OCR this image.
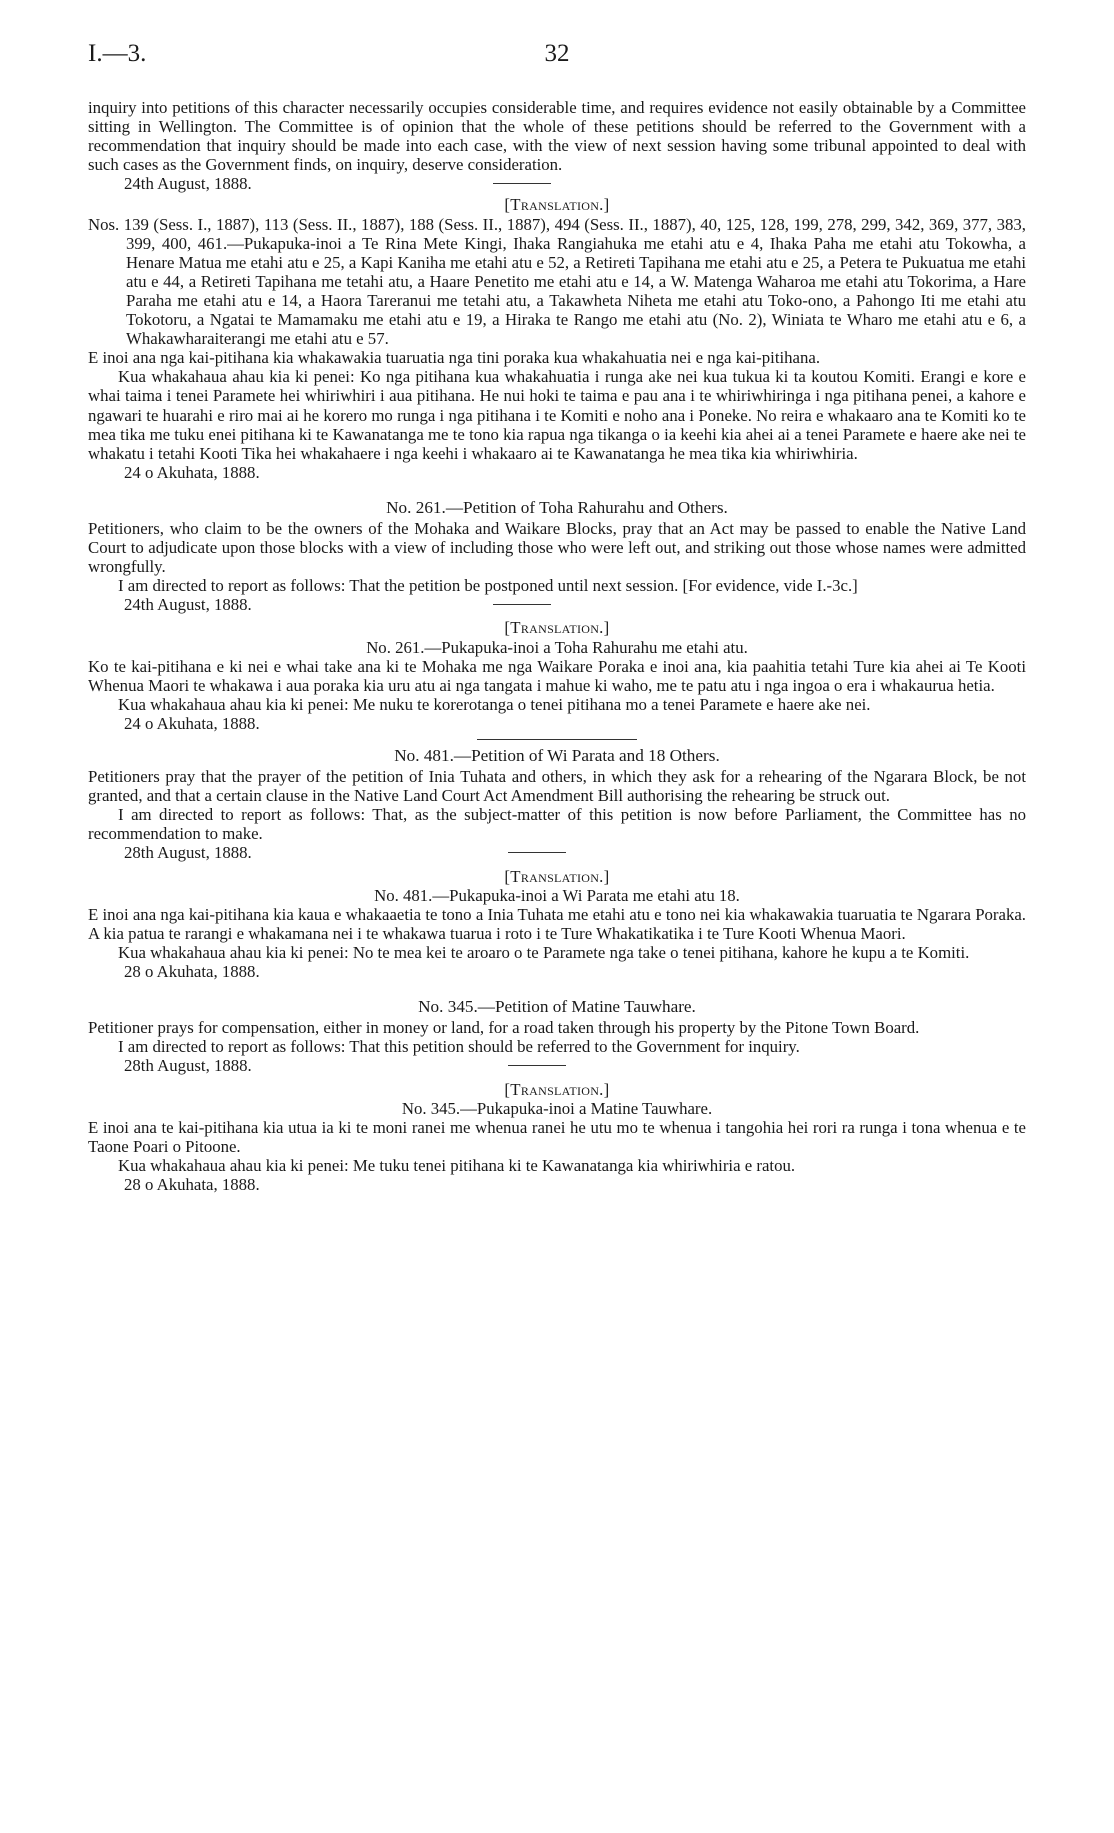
I.—3.	32

inquiry into petitions of this character necessarily occupies considerable time, and requires evidence not easily obtainable by a Committee sitting in Wellington. The Committee is of opinion that the whole of these petitions should be referred to the Government with a recommendation that inquiry should be made into each case, with the view of next session having some tribunal appointed to deal with such cases as the Government finds, on inquiry, deserve consideration.

24th August, 1888.
[Translation.]

Nos. 139 (Sess. I., 1887), 113 (Sess. II., 1887), 188 (Sess. II., 1887), 494 (Sess. II., 1887), 40, 125, 128, 199, 278, 299, 342, 369, 377, 383, 399, 400, 461.—Pukapuka-inoi a Te Rina Mete Kingi, Ihaka Rangiahuka me etahi atu e 4, Ihaka Paha me etahi atu Tokowha, a Henare Matua me etahi atu e 25, a Kapi Kaniha me etahi atu e 52, a Retireti Tapihana me etahi atu e 25, a Petera te Pukuatua me etahi atu e 44, a Retireti Tapihana me tetahi atu, a Haare Penetito me etahi atu e 14, a W. Matenga Waharoa me etahi atu Tokorima, a Hare Paraha me etahi atu e 14, a Haora Tareranui me tetahi atu, a Takawheta Niheta me etahi atu Toko-ono, a Pahongo Iti me etahi atu Tokotoru, a Ngatai te Mamamaku me etahi atu e 19, a Hiraka te Rango me etahi atu (No. 2), Winiata te Wharo me etahi atu e 6, a Whakawharaiterangi me etahi atu e 57.

E inoi ana nga kai-pitihana kia whakawakia tuaruatia nga tini poraka kua whakahuatia nei e nga kai-pitihana.

Kua whakahaua ahau kia ki penei: Ko nga pitihana kua whakahuatia i runga ake nei kua tukua ki ta koutou Komiti. Erangi e kore e whai taima i tenei Paramete hei whiriwhiri i aua pitihana. He nui hoki te taima e pau ana i te whiriwhiringa i nga pitihana penei, a kahore e ngawari te huarahi e riro mai ai he korero mo runga i nga pitihana i te Komiti e noho ana i Poneke. No reira e whakaaro ana te Komiti ko te mea tika me tuku enei pitihana ki te Kawanatanga me te tono kia rapua nga tikanga o ia keehi kia ahei ai a tenei Paramete e haere ake nei te whakatu i tetahi Kooti Tika hei whakahaere i nga keehi i whakaaro ai te Kawanatanga he mea tika kia whiriwhiria.

24 o Akuhata, 1888.
No. 261.—Petition of Toha Rahurahu and Others.

Petitioners, who claim to be the owners of the Mohaka and Waikare Blocks, pray that an Act may be passed to enable the Native Land Court to adjudicate upon those blocks with a view of including those who were left out, and striking out those whose names were admitted wrongfully.

I am directed to report as follows: That the petition be postponed until next session. [For evidence, vide I.-3c.]

24th August, 1888.
[Translation.]
No. 261.—Pukapuka-inoi a Toha Rahurahu me etahi atu.

Ko te kai-pitihana e ki nei e whai take ana ki te Mohaka me nga Waikare Poraka e inoi ana, kia paahitia tetahi Ture kia ahei ai Te Kooti Whenua Maori te whakawa i aua poraka kia uru atu ai nga tangata i mahue ki waho, me te patu atu i nga ingoa o era i whakaurua hetia.

Kua whakahaua ahau kia ki penei: Me nuku te korerotanga o tenei pitihana mo a tenei Paramete e haere ake nei.

24 o Akuhata, 1888.
No. 481.—Petition of Wi Parata and 18 Others.

Petitioners pray that the prayer of the petition of Inia Tuhata and others, in which they ask for a rehearing of the Ngarara Block, be not granted, and that a certain clause in the Native Land Court Act Amendment Bill authorising the rehearing be struck out.

I am directed to report as follows: That, as the subject-matter of this petition is now before Parliament, the Committee has no recommendation to make.

28th August, 1888.
[Translation.]
No. 481.—Pukapuka-inoi a Wi Parata me etahi atu 18.

E inoi ana nga kai-pitihana kia kaua e whakaaetia te tono a Inia Tuhata me etahi atu e tono nei kia whakawakia tuaruatia te Ngarara Poraka. A kia patua te rarangi e whakamana nei i te whakawa tuarua i roto i te Ture Whakatikatika i te Ture Kooti Whenua Maori.

Kua whakahaua ahau kia ki penei: No te mea kei te aroaro o te Paramete nga take o tenei pitihana, kahore he kupu a te Komiti.

28 o Akuhata, 1888.
No. 345.—Petition of Matine Tauwhare.

Petitioner prays for compensation, either in money or land, for a road taken through his property by the Pitone Town Board.

I am directed to report as follows: That this petition should be referred to the Government for inquiry.

28th August, 1888.
[Translation.]
No. 345.—Pukapuka-inoi a Matine Tauwhare.

E inoi ana te kai-pitihana kia utua ia ki te moni ranei me whenua ranei he utu mo te whenua i tangohia hei rori ra runga i tona whenua e te Taone Poari o Pitoone.

Kua whakahaua ahau kia ki penei: Me tuku tenei pitihana ki te Kawanatanga kia whiriwhiria e ratou.

28 o Akuhata, 1888.
